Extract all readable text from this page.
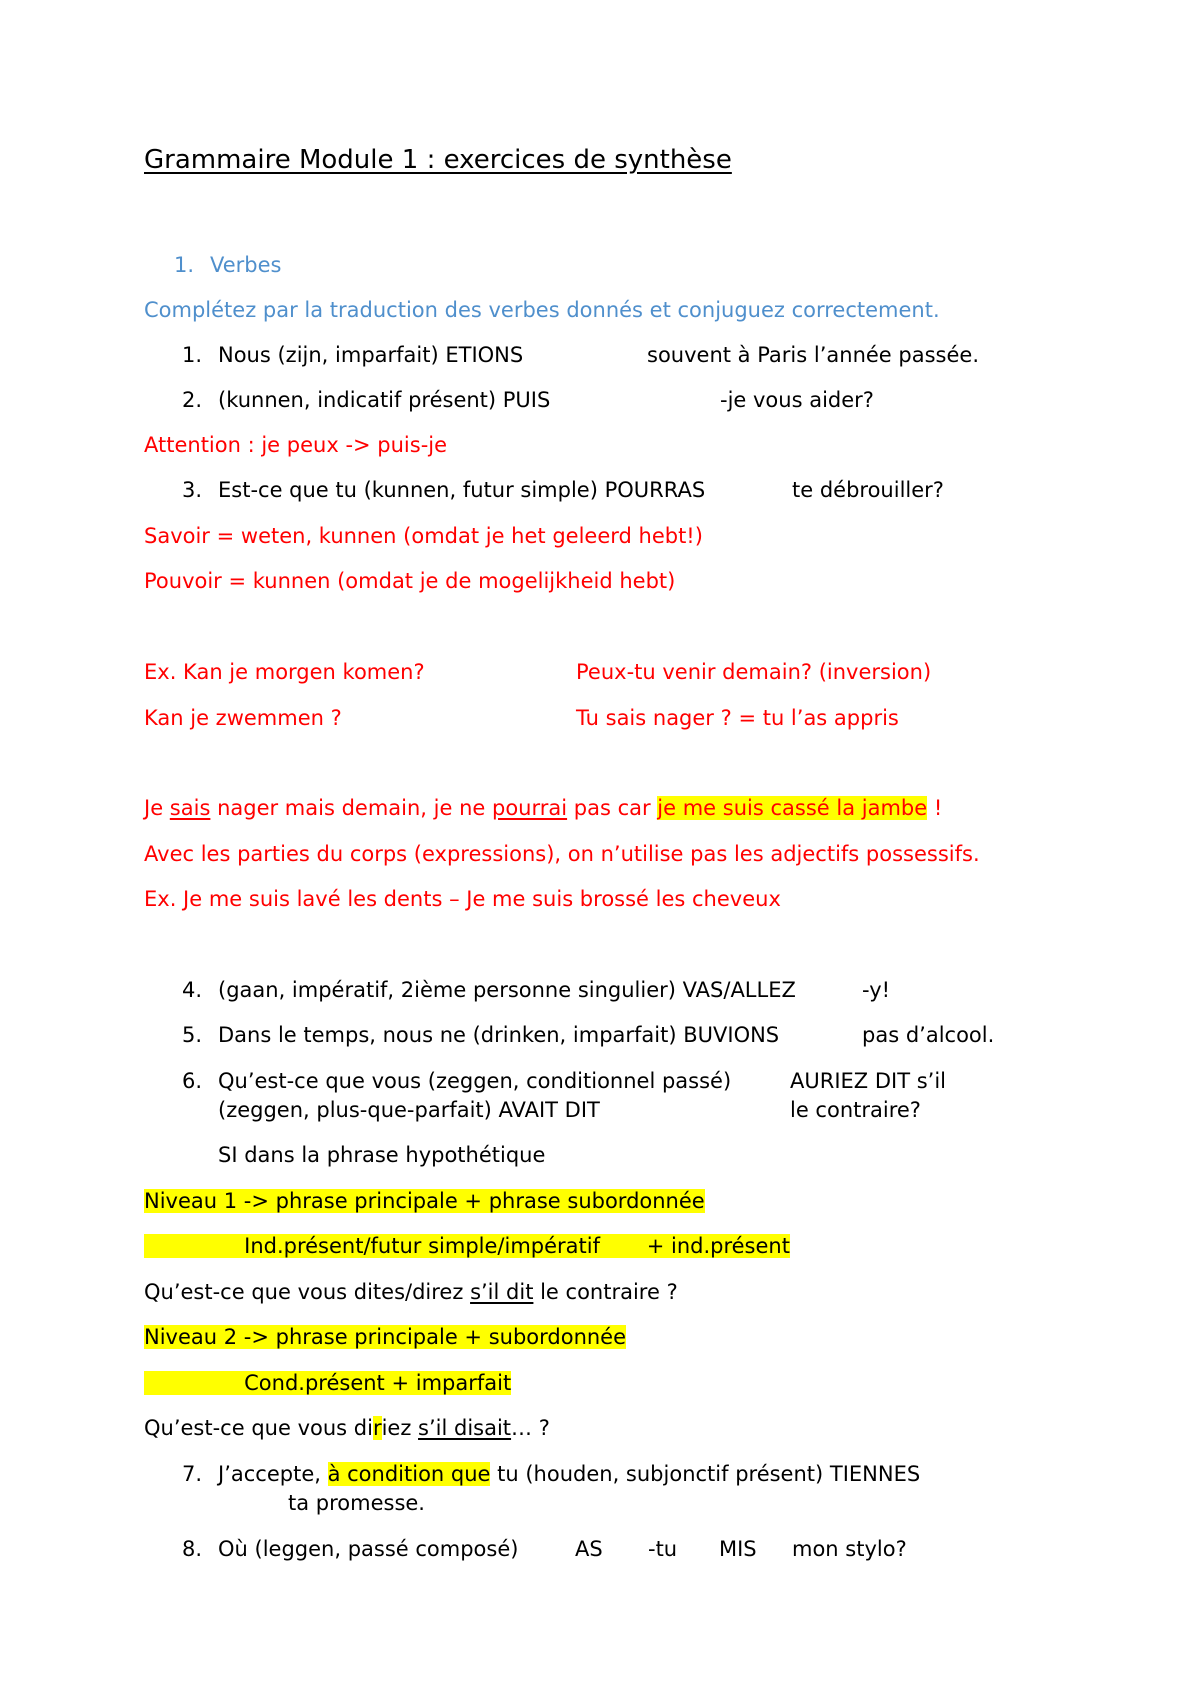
Grammaire Module 1 : exercices de synthèse
1. Verbes
Complétez par la traduction des verbes donnés et conjuguez correctement.
1. Nous (zijn, imparfait) ETIONS	souvent à Paris l’année passée.
2. (kunnen, indicatif présent) PUIS	-je vous aider?
Attention : je peux -> puis-je
3. Est-ce que tu (kunnen, futur simple) POURRAS	te débrouiller?
Savoir = weten, kunnen (omdat je het geleerd hebt!)
Pouvoir = kunnen (omdat je de mogelijkheid hebt)
Ex. Kan je morgen komen?	Peux-tu venir demain? (inversion)
Kan je zwemmen ?	Tu sais nager ? = tu l’as appris
Je sais nager mais demain, je ne pourrai pas car je me suis cassé la jambe !
Avec les parties du corps (expressions), on n’utilise pas les adjectifs possessifs.
Ex. Je me suis lavé les dents – Je me suis brossé les cheveux
4. (gaan, impératif, 2ième personne singulier) VAS/ALLEZ	-y!
5. Dans le temps, nous ne (drinken, imparfait) BUVIONS	pas d’alcool.
6. Qu’est-ce que vous (zeggen, conditionnel passé)	AURIEZ DIT s’il
(zeggen, plus-que-parfait) AVAIT DIT	le contraire?
SI dans la phrase hypothétique
Niveau 1 -> phrase principale + phrase subordonnée
Ind.présent/futur simple/impératif       + ind.présent
Qu’est-ce que vous dites/direz s’il dit le contraire ?
Niveau 2 -> phrase principale + subordonnée
Cond.présent + imparfait
Qu’est-ce que vous diriez s’il disait… ?
7. J’accepte, à condition que tu (houden, subjonctif présent) TIENNES
ta promesse.
8. Où (leggen, passé composé)	AS -tu MIS mon stylo?
